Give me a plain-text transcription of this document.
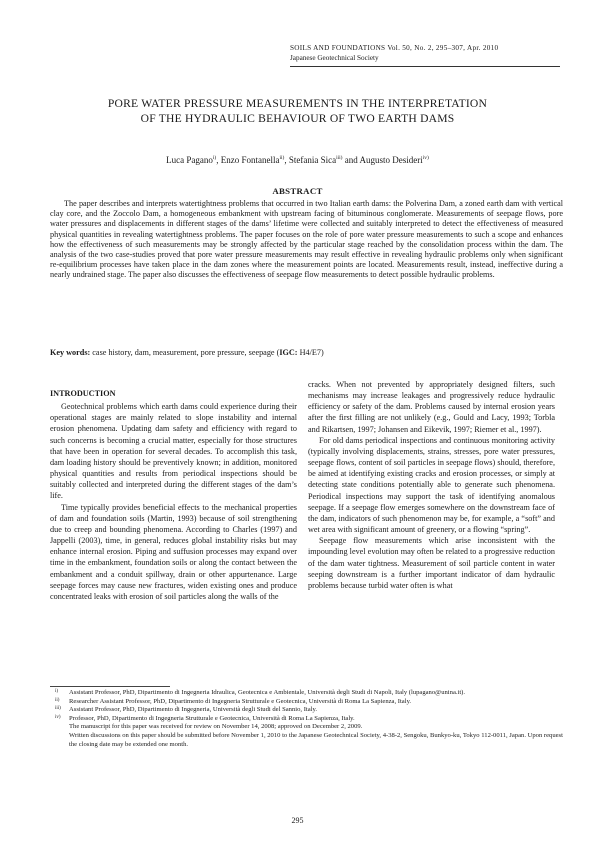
SOILS AND FOUNDATIONS Vol. 50, No. 2, 295–307, Apr. 2010
Japanese Geotechnical Society
PORE WATER PRESSURE MEASUREMENTS IN THE INTERPRETATION
OF THE HYDRAULIC BEHAVIOUR OF TWO EARTH DAMS
Luca Pagano$^{i)}$, Enzo Fontanella$^{ii)}$, Stefania Sica$^{iii)}$ and Augusto Desideri$^{iv)}$
ABSTRACT
The paper describes and interprets watertightness problems that occurred in two Italian earth dams: the Polverina Dam, a zoned earth dam with vertical clay core, and the Zoccolo Dam, a homogeneous embankment with upstream facing of bituminous conglomerate. Measurements of seepage flows, pore water pressures and displacements in different stages of the dams’ lifetime were collected and suitably interpreted to detect the effectiveness of measured physical quantities in revealing watertightness problems. The paper focuses on the role of pore water pressure measurements to such a scope and enhances how the effectiveness of such measurements may be strongly affected by the particular stage reached by the consolidation process within the dam. The analysis of the two case-studies proved that pore water pressure measurements may result effective in revealing hydraulic problems only when significant re-equilibrium processes have taken place in the dam zones where the measurement points are located. Measurements result, instead, ineffective during a nearly undrained stage. The paper also discusses the effectiveness of seepage flow measurements to detect possible hydraulic problems.
Key words: case history, dam, measurement, pore pressure, seepage (IGC: H4/E7)
INTRODUCTION

Geotechnical problems which earth dams could experience during their operational stages are mainly related to slope instability and internal erosion phenomena. Updating dam safety and efficiency with regard to such concerns is becoming a crucial matter, especially for those structures that have been in operation for several decades. To accomplish this task, dam loading history should be preventively known; in addition, monitored physical quantities and results from periodical inspections should be suitably collected and interpreted during the different stages of the dam’s life.

Time typically provides beneficial effects to the mechanical properties of dam and foundation soils (Martin, 1993) because of soil strengthening due to creep and bounding phenomena. According to Charles (1997) and Jappelli (2003), time, in general, reduces global instability risks but may enhance internal erosion. Piping and suffusion processes may expand over time in the embankment, foundation soils or along the contact between the embankment and a conduit spillway, drain or other appurtenance. Large seepage forces may cause new fractures, widen existing ones and produce concentrated leaks with erosion of soil particles along the walls of the

cracks. When not prevented by appropriately designed filters, such mechanisms may increase leakages and progressively reduce hydraulic efficiency or safety of the dam. Problems caused by internal erosion years after the first filling are not unlikely (e.g., Gould and Lacy, 1993; Torbla and Rikartsen, 1997; Johansen and Eikevik, 1997; Riemer et al., 1997).

For old dams periodical inspections and continuous monitoring activity (typically involving displacements, strains, stresses, pore water pressures, seepage flows, content of soil particles in seepage flows) should, therefore, be aimed at identifying existing cracks and erosion processes, or simply at detecting state conditions potentially able to generate such phenomena. Periodical inspections may support the task of identifying anomalous seepage. If a seepage flow emerges somewhere on the downstream face of the dam, indicators of such phenomenon may be, for example, a “soft” and wet area with significant amount of greenery, or a flowing “spring”.

Seepage flow measurements which arise inconsistent with the impounding level evolution may often be related to a progressive reduction of the dam water tightness. Measurement of soil particle content in water seeping downstream is a further important indicator of dam hydraulic problems because turbid water often is what

i) Assistant Professor, PhD, Dipartimento di Ingegneria Idraulica, Geotecnica e Ambientale, Università degli Studi di Napoli, Italy (lupagano@unina.it).
ii) Researcher Assistant Professor, PhD, Dipartimento di Ingegneria Strutturale e Geotecnica, Università di Roma La Sapienza, Italy.
iii) Assistant Professor, PhD, Dipartimento di Ingegneria, Università degli Studi del Sannio, Italy.
iv) Professor, PhD, Dipartimento di Ingegneria Strutturale e Geotecnica, Università di Roma La Sapienza, Italy.
The manuscript for this paper was received for review on November 14, 2008; approved on December 2, 2009.
Written discussions on this paper should be submitted before November 1, 2010 to the Japanese Geotechnical Society, 4-38-2, Sengoku, Bunkyo-ku, Tokyo 112-0011, Japan. Upon request the closing date may be extended one month.
295
